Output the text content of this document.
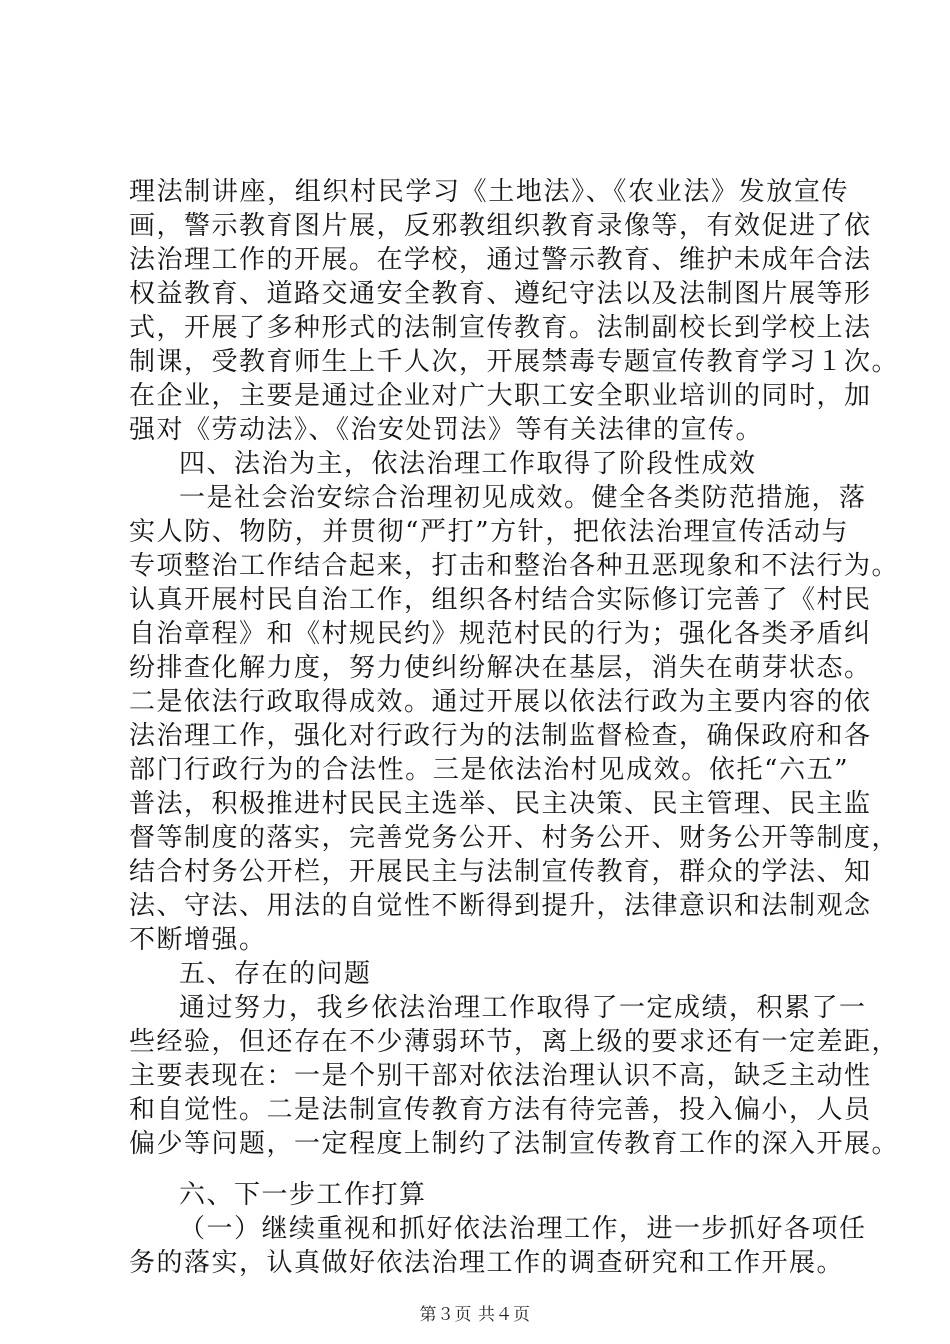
理法制讲座，组织村民学习《土地法》、《农业法》发放宣传
画，警示教育图片展，反邪教组织教育录像等，有效促进了依
法治理工作的开展。在学校，通过警示教育、维护未成年合法
权益教育、道路交通安全教育、遵纪守法以及法制图片展等形
式，开展了多种形式的法制宣传教育。法制副校长到学校上法
制课，受教育师生上千人次，开展禁毒专题宣传教育学习１次。
在企业，主要是通过企业对广大职工安全职业培训的同时，加
强对《劳动法》、《治安处罚法》等有关法律的宣传。
四、法治为主，依法治理工作取得了阶段性成效
一是社会治安综合治理初见成效。健全各类防范措施，落
实人防、物防，并贯彻“严打”方针，把依法治理宣传活动与
专项整治工作结合起来，打击和整治各种丑恶现象和不法行为。
认真开展村民自治工作，组织各村结合实际修订完善了《村民
自治章程》和《村规民约》规范村民的行为；强化各类矛盾纠
纷排查化解力度，努力使纠纷解决在基层，消失在萌芽状态。
二是依法行政取得成效。通过开展以依法行政为主要内容的依
法治理工作，强化对行政行为的法制监督检查，确保政府和各
部门行政行为的合法性。三是依法治村见成效。依托“六五”
普法，积极推进村民民主选举、民主决策、民主管理、民主监
督等制度的落实，完善党务公开、村务公开、财务公开等制度，
结合村务公开栏，开展民主与法制宣传教育，群众的学法、知
法、守法、用法的自觉性不断得到提升，法律意识和法制观念
不断增强。
五、存在的问题
通过努力，我乡依法治理工作取得了一定成绩，积累了一
些经验，但还存在不少薄弱环节，离上级的要求还有一定差距，
主要表现在：一是个别干部对依法治理认识不高，缺乏主动性
和自觉性。二是法制宣传教育方法有待完善，投入偏小，人员
偏少等问题，一定程度上制约了法制宣传教育工作的深入开展。
六、下一步工作打算
（一）继续重视和抓好依法治理工作，进一步抓好各项任
务的落实，认真做好依法治理工作的调查研究和工作开展。
第３页 共４页
